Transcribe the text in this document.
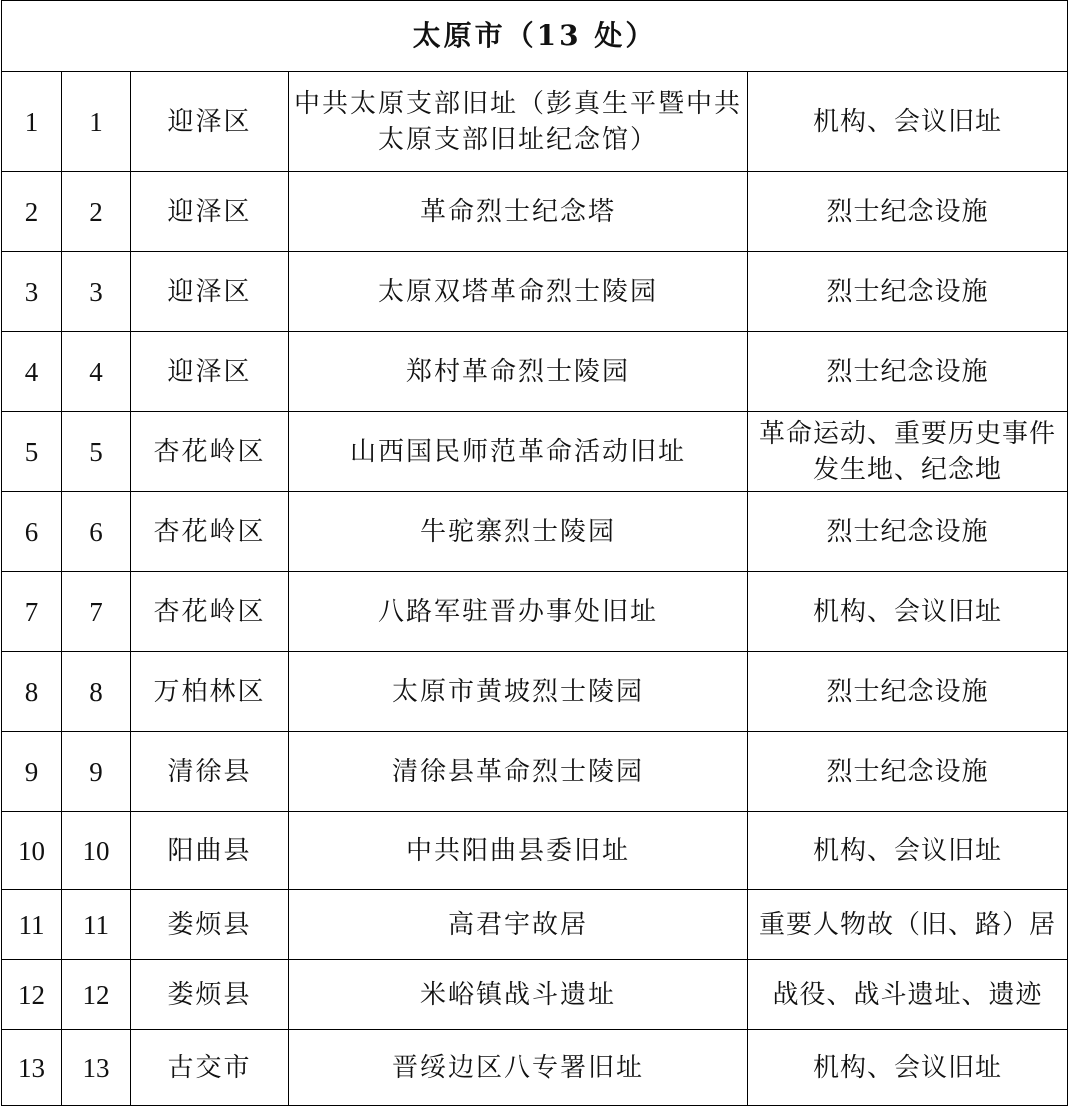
太原市（13 处）				

1	1	迎泽区	中共太原支部旧址（彭真生平暨中共太原支部旧址纪念馆）	机构、会议旧址

2	2	迎泽区	革命烈士纪念塔	烈士纪念设施

3	3	迎泽区	太原双塔革命烈士陵园	烈士纪念设施

4	4	迎泽区	郑村革命烈士陵园	烈士纪念设施

5	5	杏花岭区	山西国民师范革命活动旧址	革命运动、重要历史事件发生地、纪念地

6	6	杏花岭区	牛驼寨烈士陵园	烈士纪念设施

7	7	杏花岭区	八路军驻晋办事处旧址	机构、会议旧址

8	8	万柏林区	太原市黄坡烈士陵园	烈士纪念设施

9	9	清徐县	清徐县革命烈士陵园	烈士纪念设施

10	10	阳曲县	中共阳曲县委旧址	机构、会议旧址

11	11	娄烦县	高君宇故居	重要人物故（旧、路）居

12	12	娄烦县	米峪镇战斗遗址	战役、战斗遗址、遗迹

13	13	古交市	晋绥边区八专署旧址	机构、会议旧址
